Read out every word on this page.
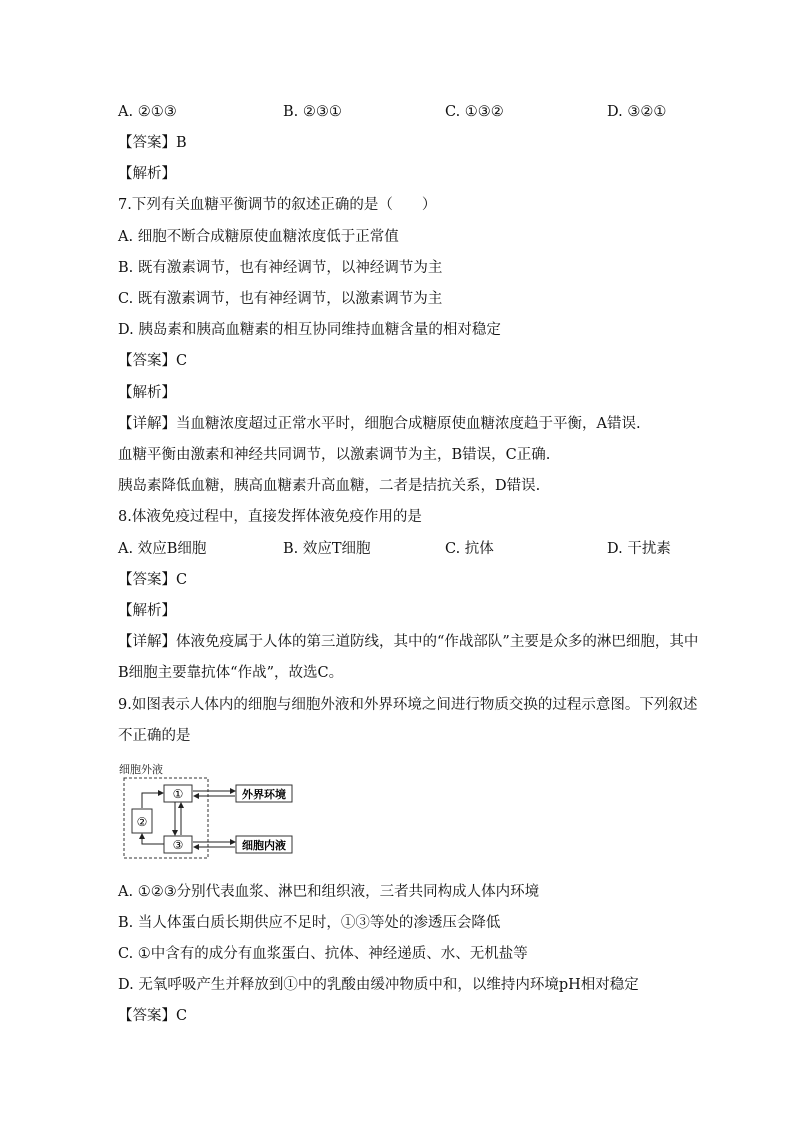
A. ②①③	B. ②③①	C. ①③②	D. ③②①
【答案】B
【解析】
7.下列有关血糖平衡调节的叙述正确的是（　　）
A. 细胞不断合成糖原使血糖浓度低于正常值
B. 既有激素调节，也有神经调节，以神经调节为主
C. 既有激素调节，也有神经调节，以激素调节为主
D. 胰岛素和胰高血糖素的相互协同维持血糖含量的相对稳定
【答案】C
【解析】
【详解】当血糖浓度超过正常水平时，细胞合成糖原使血糖浓度趋于平衡，A错误.
血糖平衡由激素和神经共同调节，以激素调节为主，B错误，C正确.
胰岛素降低血糖，胰高血糖素升高血糖，二者是拮抗关系，D错误.
8.体液免疫过程中，直接发挥体液免疫作用的是
A. 效应B细胞	B. 效应T细胞	C. 抗体	D. 干扰素
【答案】C
【解析】
【详解】体液免疫属于人体的第三道防线，其中的“作战部队”主要是众多的淋巴细胞，其中
B细胞主要靠抗体“作战”，故选C。
9.如图表示人体内的细胞与细胞外液和外界环境之间进行物质交换的过程示意图。下列叙述
不正确的是
细胞外液
①
②
③
外界环境
细胞内液
A. ①②③分别代表血浆、淋巴和组织液，三者共同构成人体内环境
B. 当人体蛋白质长期供应不足时，①③等处的渗透压会降低
C. ①中含有的成分有血浆蛋白、抗体、神经递质、水、无机盐等
D. 无氧呼吸产生并释放到①中的乳酸由缓冲物质中和，以维持内环境pH相对稳定
【答案】C
